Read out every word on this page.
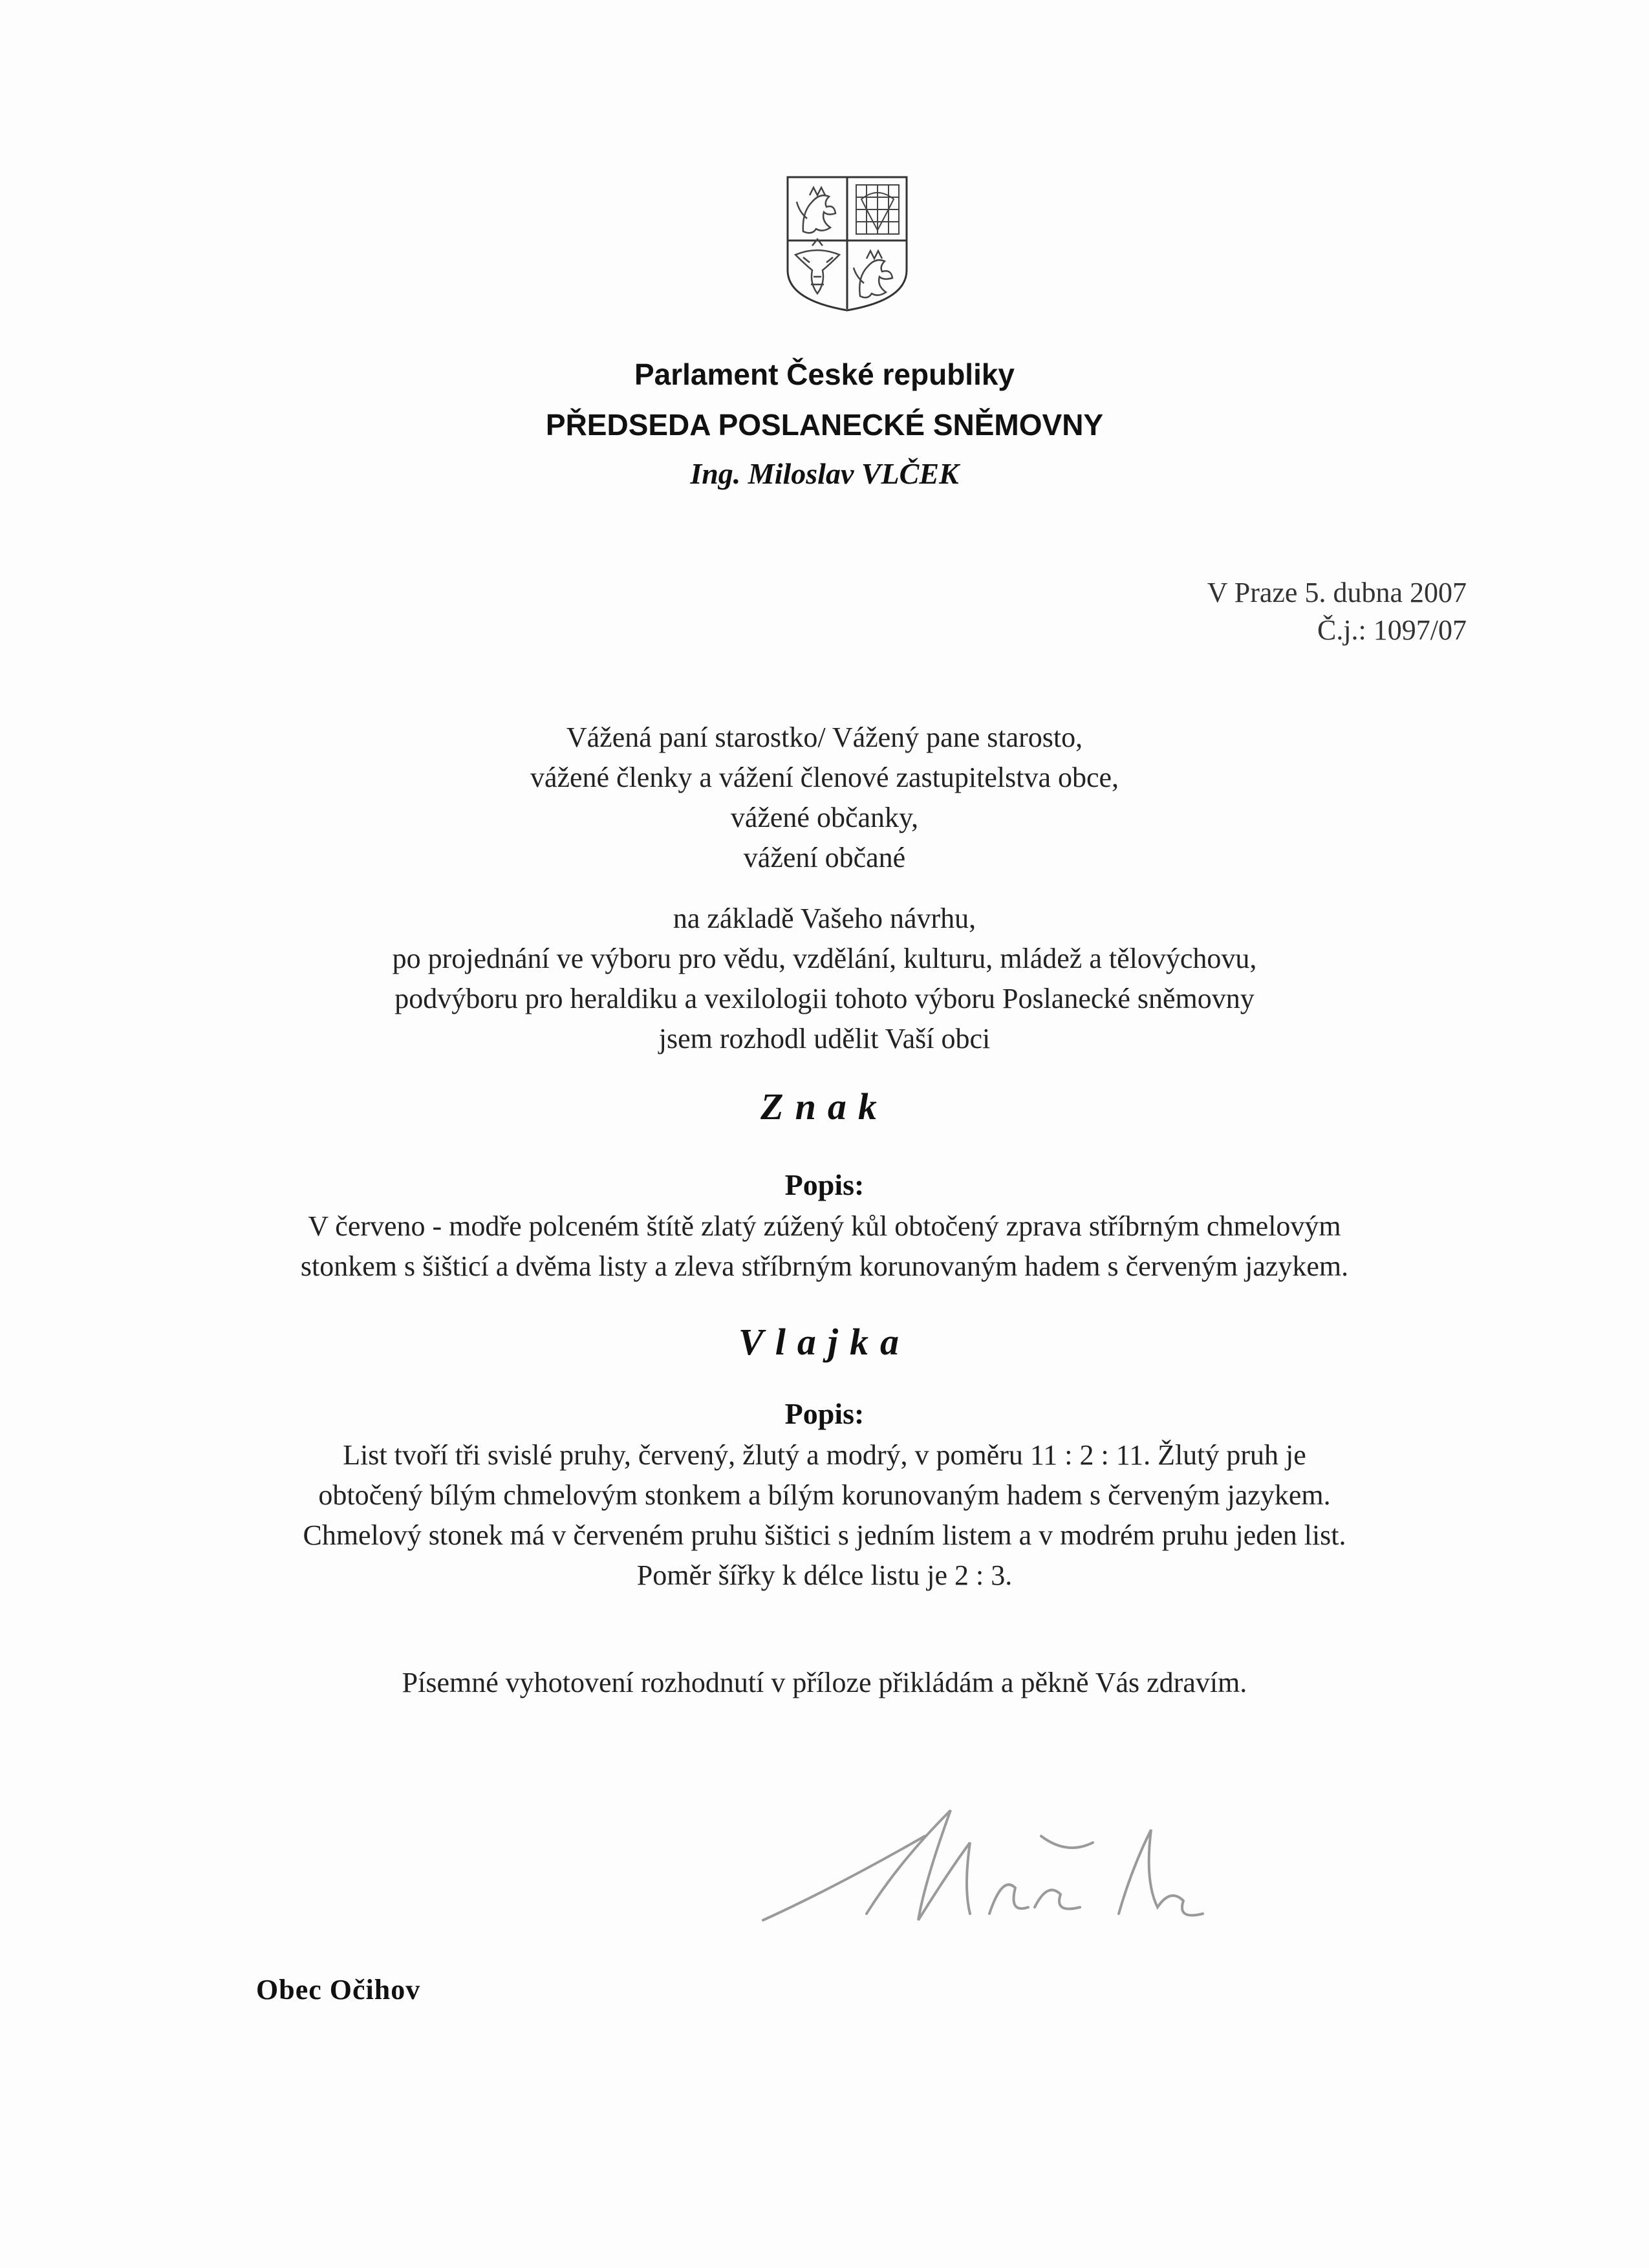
Parlament České republiky
PŘEDSEDA POSLANECKÉ SNĚMOVNY
Ing. Miloslav VLČEK
V Praze 5. dubna 2007
Č.j.: 1097/07
Vážená paní starostko/ Vážený pane starosto,
vážené členky a vážení členové zastupitelstva obce,
vážené občanky,
vážení občané
na základě Vašeho návrhu,
po projednání ve výboru pro vědu, vzdělání, kulturu, mládež a tělovýchovu,
podvýboru pro heraldiku a vexilologii tohoto výboru Poslanecké sněmovny
jsem rozhodl udělit Vaší obci
Znak
Popis:
V červeno - modře polceném štítě zlatý zúžený kůl obtočený zprava stříbrným chmelovým
stonkem s šišticí a dvěma listy a zleva stříbrným korunovaným hadem s červeným jazykem.
Vlajka
Popis:
List tvoří tři svislé pruhy, červený, žlutý a modrý, v poměru 11 : 2 : 11. Žlutý pruh je
obtočený bílým chmelovým stonkem a bílým korunovaným hadem s červeným jazykem.
Chmelový stonek má v červeném pruhu šištici s jedním listem a v modrém pruhu jeden list.
Poměr šířky k délce listu je 2 : 3.
Písemné vyhotovení rozhodnutí v příloze přikládám a pěkně Vás zdravím.
Obec Očihov
